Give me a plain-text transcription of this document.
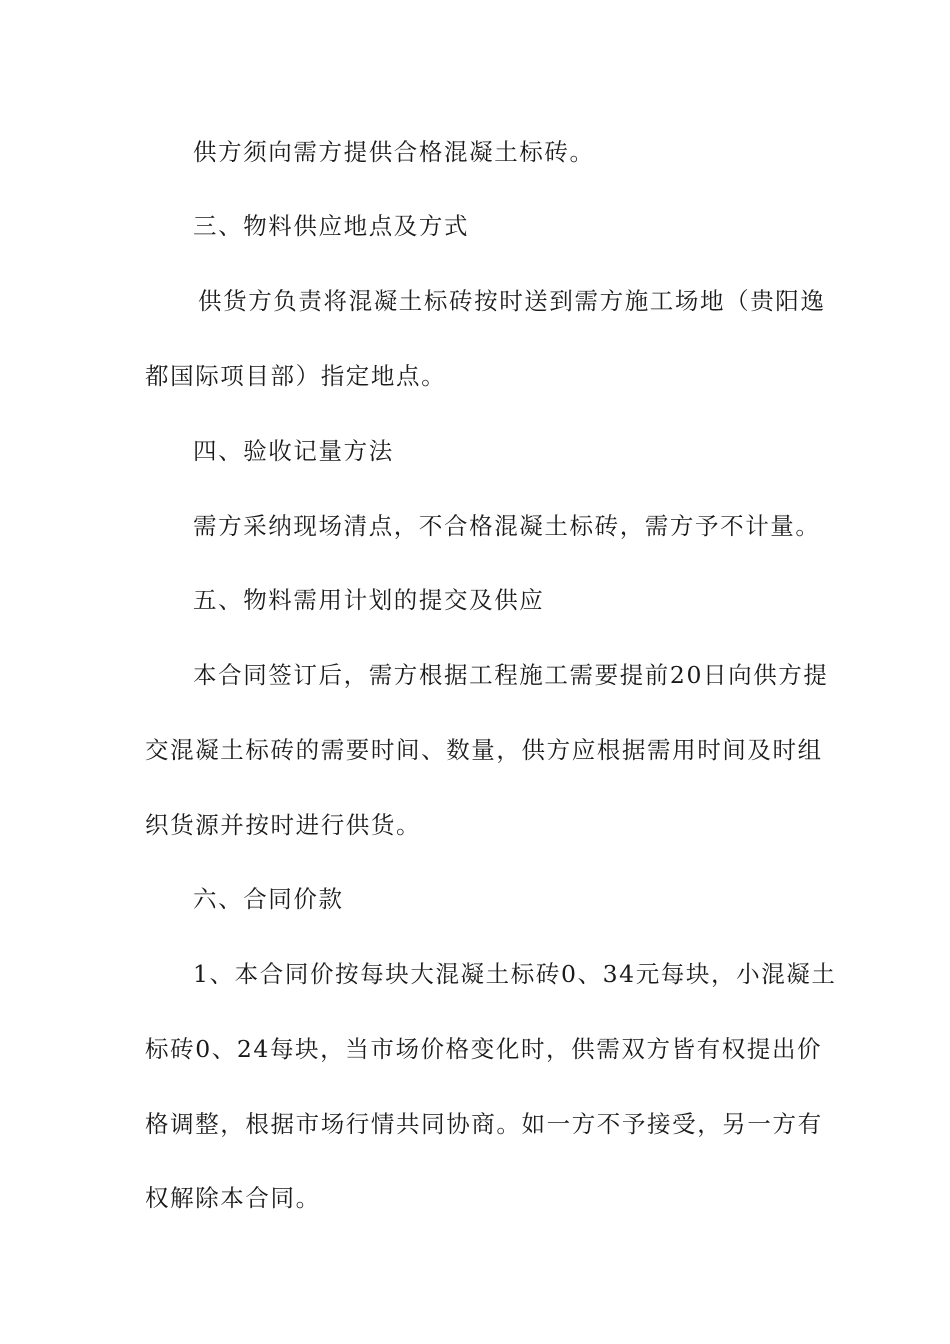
供方须向需方提供合格混凝土标砖。
三、物料供应地点及方式
供货方负责将混凝土标砖按时送到需方施工场地（贵阳逸
都国际项目部）指定地点。
四、验收记量方法
需方采纳现场清点，不合格混凝土标砖，需方予不计量。
五、物料需用计划的提交及供应
本合同签订后，需方根据工程施工需要提前20日向供方提
交混凝土标砖的需要时间、数量，供方应根据需用时间及时组
织货源并按时进行供货。
六、合同价款
1、本合同价按每块大混凝土标砖0、34元每块，小混凝土
标砖0、24每块，当市场价格变化时，供需双方皆有权提出价
格调整，根据市场行情共同协商。如一方不予接受，另一方有
权解除本合同。
